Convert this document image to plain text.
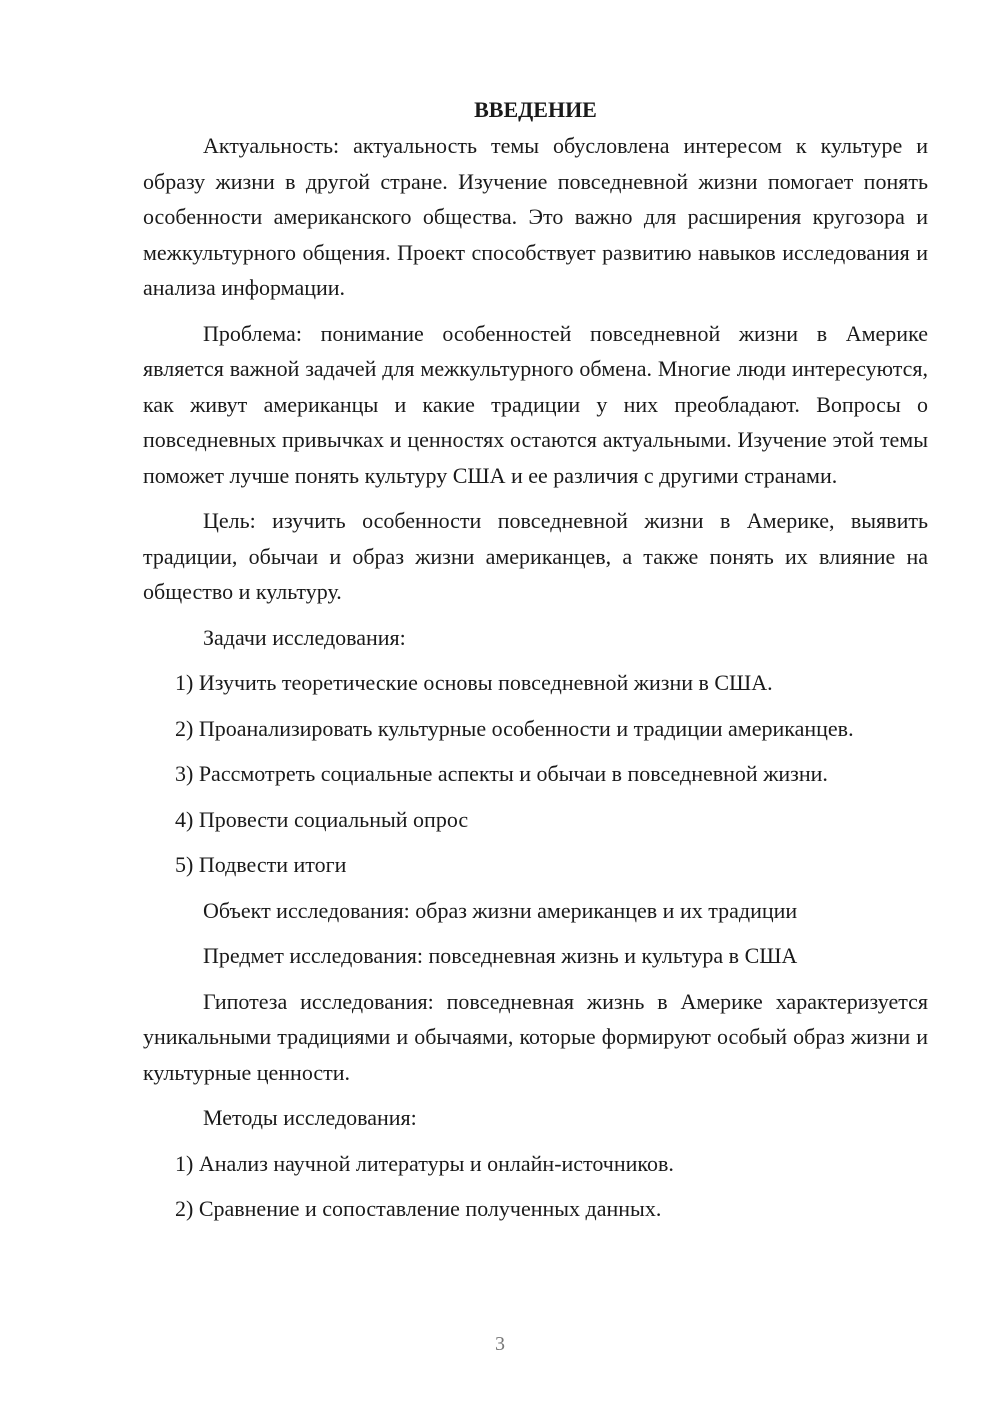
ВВЕДЕНИЕ

Актуальность: актуальность темы обусловлена интересом к культуре и образу жизни в другой стране. Изучение повседневной жизни помогает понять особенности американского общества. Это важно для расширения кругозора и межкультурного общения. Проект способствует развитию навыков исследования и анализа информации.

Проблема: понимание особенностей повседневной жизни в Америке является важной задачей для межкультурного обмена. Многие люди интересуются, как живут американцы и какие традиции у них преобладают. Вопросы о повседневных привычках и ценностях остаются актуальными. Изучение этой темы поможет лучше понять культуру США и ее различия с другими странами.

Цель: изучить особенности повседневной жизни в Америке, выявить традиции, обычаи и образ жизни американцев, а также понять их влияние на общество и культуру.

Задачи исследования:

1) Изучить теоретические основы повседневной жизни в США.

2) Проанализировать культурные особенности и традиции американцев.

3) Рассмотреть социальные аспекты и обычаи в повседневной жизни.

4) Провести социальный опрос

5) Подвести итоги

Объект исследования: образ жизни американцев и их традиции

Предмет исследования: повседневная жизнь и культура в США

Гипотеза исследования: повседневная жизнь в Америке характеризуется уникальными традициями и обычаями, которые формируют особый образ жизни и культурные ценности.

Методы исследования:

1) Анализ научной литературы и онлайн-источников.

2) Сравнение и сопоставление полученных данных.

3
